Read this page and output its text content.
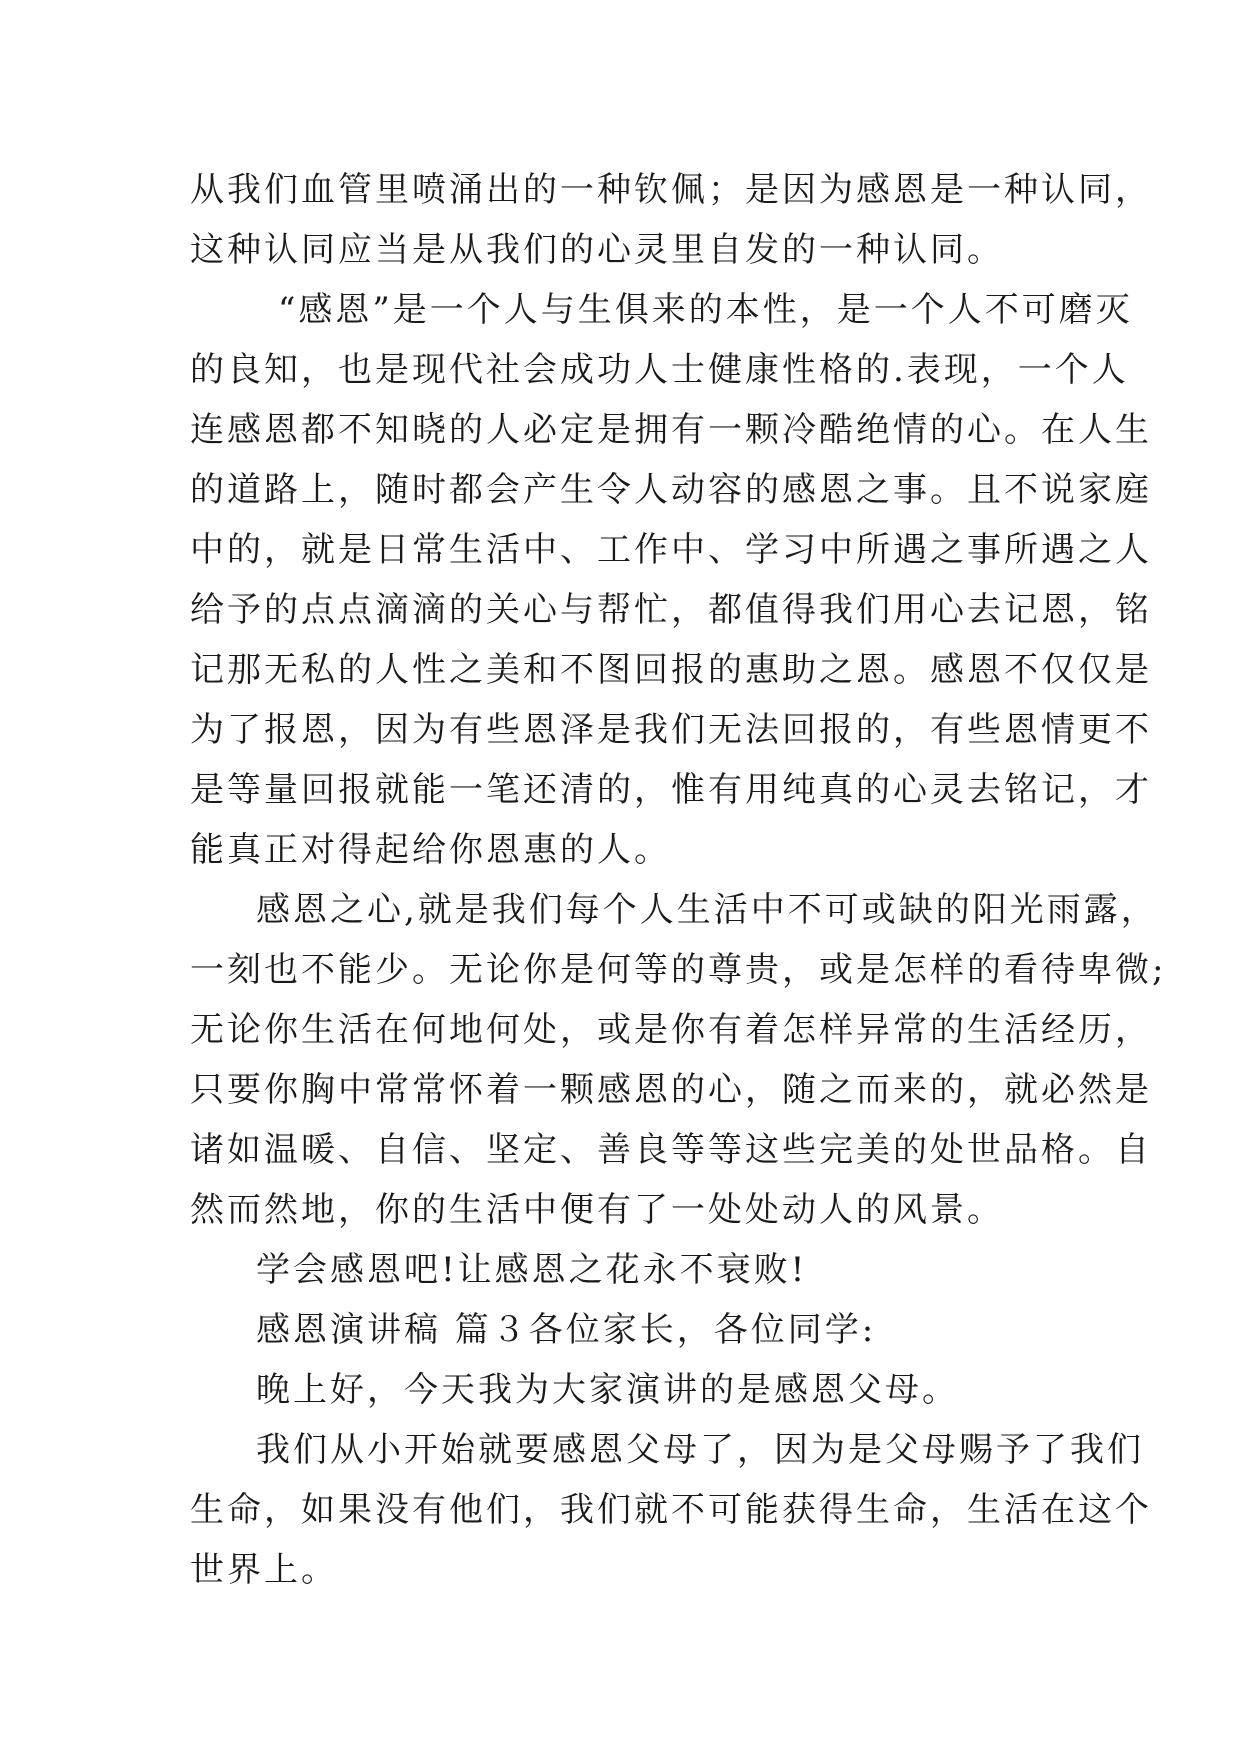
从我们血管里喷涌出的一种钦佩；是因为感恩是一种认同，
这种认同应当是从我们的心灵里自发的一种认同。
“感恩”是一个人与生俱来的本性，是一个人不可磨灭
的良知，也是现代社会成功人士健康性格的.表现，一个人
连感恩都不知晓的人必定是拥有一颗冷酷绝情的心。在人生
的道路上，随时都会产生令人动容的感恩之事。且不说家庭
中的，就是日常生活中、工作中、学习中所遇之事所遇之人
给予的点点滴滴的关心与帮忙，都值得我们用心去记恩，铭
记那无私的人性之美和不图回报的惠助之恩。感恩不仅仅是
为了报恩，因为有些恩泽是我们无法回报的，有些恩情更不
是等量回报就能一笔还清的，惟有用纯真的心灵去铭记，才
能真正对得起给你恩惠的人。
感恩之心,就是我们每个人生活中不可或缺的阳光雨露，
一刻也不能少。无论你是何等的尊贵，或是怎样的看待卑微;
无论你生活在何地何处，或是你有着怎样异常的生活经历，
只要你胸中常常怀着一颗感恩的心，随之而来的，就必然是
诸如温暖、自信、坚定、善良等等这些完美的处世品格。自
然而然地，你的生活中便有了一处处动人的风景。
学会感恩吧!让感恩之花永不衰败!
感恩演讲稿 篇３各位家长，各位同学:
晚上好，今天我为大家演讲的是感恩父母。
我们从小开始就要感恩父母了，因为是父母赐予了我们
生命，如果没有他们，我们就不可能获得生命，生活在这个
世界上。
